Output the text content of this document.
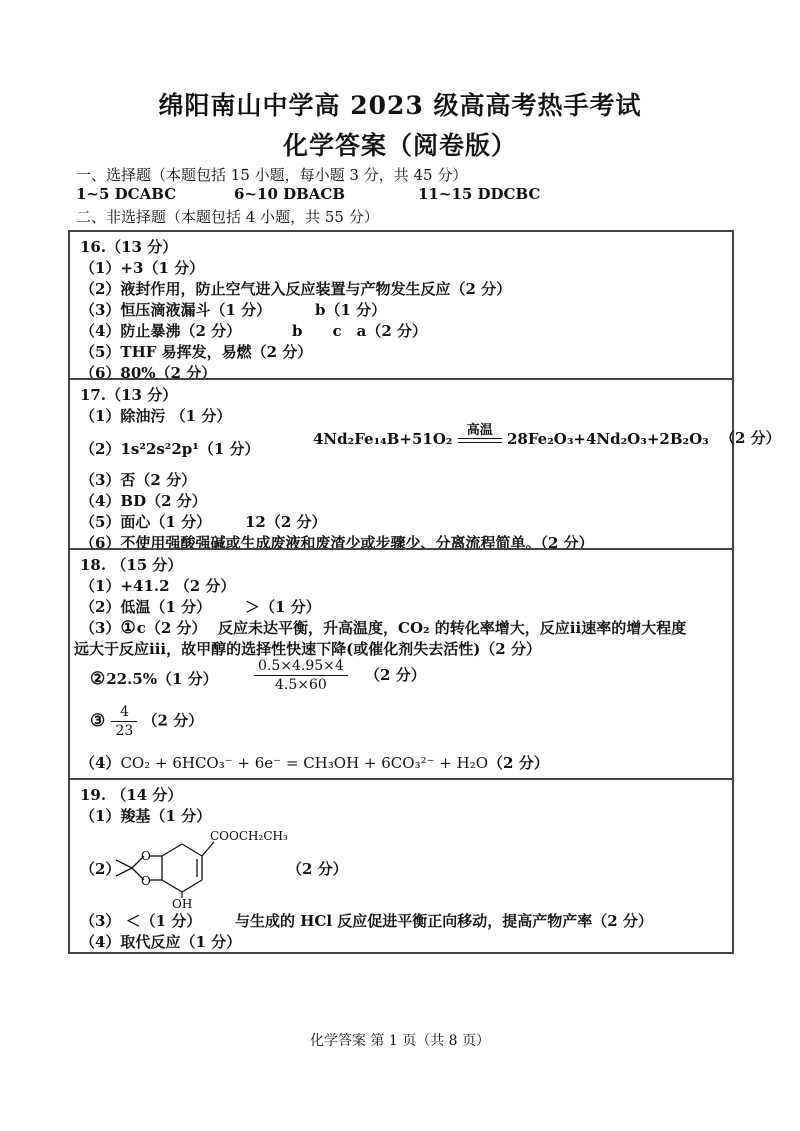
绵阳南山中学高 2023 级高高考热手考试
化学答案（阅卷版）
一、选择题（本题包括 15 小题，每小题 3 分，共 45 分）
1~5 DCABC	6~10 DBACB	11~15 DDCBC
二、非选择题（本题包括 4 小题，共 55 分）
16.（13 分）
（1）+3（1 分）
（2）液封作用，防止空气进入反应装置与产物发生反应（2 分）
（3）恒压滴液漏斗（1 分）	b（1 分）
（4）防止暴沸（2 分）	b　　c　a（2 分）
（5）THF 易挥发，易燃（2 分）
（6）80%（2 分）
17.（13 分）
（1）除油污 （1 分）
（2）1s²2s²2p¹（1 分）
4Nd₂Fe₁₄B+51O₂	高温 28Fe₂O₃+4Nd₂O₃+2B₂O₃ （2 分）
（3）否（2 分）
（4）BD（2 分）
（5）面心（1 分） 12（2 分）
（6）不使用强酸强碱或生成废液和废渣少或步骤少、分离流程简单。（2 分）
18. （15 分）
（1）+41.2 （2 分）
（2）低温（1 分） ＞（1 分）
（3）①c（2 分） 反应未达平衡，升高温度，CO₂ 的转化率增大，反应ii速率的增大程度
远大于反应iii，故甲醇的选择性快速下降(或催化剂失去活性)（2 分）
②22.5%（1 分）	$\frac{0.5\times 4.95\times 4}{4.5\times 60} (2$ 分）
③ $\frac{4}{23} (2$ 分）
（4）CO₂ + 6HCO₃⁻ + 6e⁻ = CH₃OH + 6CO₃²⁻ + H₂O（2 分）
19. （14 分）
（1）羧基（1 分）
（2）
O
O
COOCH₂CH₃
OH
（2 分）
（3） ＜（1 分） 与生成的 HCl 反应促进平衡正向移动，提高产物产率（2 分）
（4）取代反应（1 分）
化学答案 第 1 页（共 8 页）
